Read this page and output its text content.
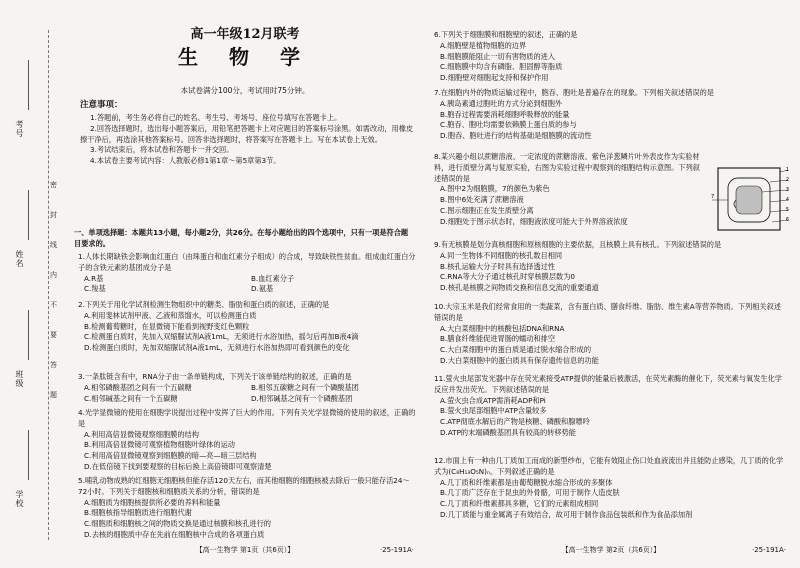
考号
姓名
班级
学校
密
封
线
内
不
要
答
题
高一年级12月联考
生 物 学
本试卷满分100分，考试用时75分钟。
注意事项：

1.答题前，考生务必将自己的姓名、考生号、考场号、座位号填写在答题卡上。

2.回答选择题时，选出每小题答案后，用铅笔把答题卡上对应题目的答案标号涂黑。如需改动，用橡皮擦干净后，再选涂其他答案标号。回答非选择题时，将答案写在答题卡上。写在本试卷上无效。

3.考试结束后，将本试卷和答题卡一并交回。

4.本试卷主要考试内容：人教版必修1第1章～第5章第3节。

一、单项选择题：本题共13小题，每小题2分，共26分。在每小题给出的四个选项中，只有一项是符合题目要求的。

1.人体长期缺铁会影响血红蛋白（由珠蛋白和血红素分子组成）的合成，导致缺铁性贫血。组成血红蛋白分子的含铁元素的基团成分子是

A.R基	B.血红素分子
C.羧基	D.氨基

2.下列关于用化学试剂检测生物组织中的糖类、脂肪和蛋白质的叙述，正确的是

A.利用斐林试剂甲液、乙液和蒸馏水，可以检测蛋白质

B.检测葡萄糖时，在显微镜下能看到视野变红色颗粒

C.检测蛋白质时，先加入双缩脲试剂A液1mL，无须进行水浴加热，摇匀后再加B液4滴

D.检测蛋白质时，先加双缩脲试剂A液1mL，无须进行水浴加热即可看到颜色的变化

3.一条肽链含有中，RNA分子由一条单链构成，下列关于该单链结构的叙述，正确的是

A.相邻磷酸基团之间有一个五碳糖	B.相邻五碳糖之间有一个磷酸基团
C.相邻碱基之间有一个五碳糖	D.相邻碱基之间有一个磷酸基团

4.光学显微镜的使用在细胞学说提出过程中发挥了巨大的作用。下列有关光学显微镜的使用的叙述，正确的是

A.利用高倍显微镜观察细胞膜的结构

B.利用高倍显微镜可观察植物细胞叶绿体的运动

C.利用高倍显微镜观察到细胞膜的暗—亮—暗三层结构

D.在低倍镜下找到要观察的目标后换上高倍镜即可观察清楚

5.哺乳动物成熟的红细胞无细胞核但能存活120天左右，而其他细胞的细胞核被去除后一般只能存活24～72小时。下列关于细胞核和细胞质关系的分析，错误的是

A.细胞质为细胞核提供所必要的养料和能量

B.细胞核指导细胞质进行细胞代谢

C.细胞质和细胞核之间的物质交换是通过核膜和核孔进行的

D.去核的细胞质中存在先前在细胞核中合成的各项蛋白质

【高一生物学 第1页（共6页）】	·25-191A·

6.下列关于细胞膜和细胞壁的叙述，正确的是

A.细胞壁是植物细胞的边界

B.细胞膜能阻止一切有害物质的进入

C.细胞膜中均含有磷脂、胆固醇等脂质

D.细胞壁对细胞起支持和保护作用

7.在细胞内外的物质运输过程中，胞吞、胞吐是普遍存在的现象。下列相关叙述错误的是

A.胰岛素通过胞吐的方式分泌到细胞外

B.胞吞过程需要消耗细胞呼吸释放的能量

C.胞吞、胞吐均需要依赖膜上蛋白质的参与

D.胞吞、胞吐进行的结构基础是细胞膜的流动性

8.某兴趣小组以蔗糖溶液、一定浓度的蔗糖溶液、紫色洋葱鳞片叶外表皮作为实验材料，进行质壁分离与复原实验，右图为实验过程中观察到的细胞结构示意图。下列叙述错误的是

A.图中2为细胞膜，7的颜色为紫色

B.图中6处充满了蔗糖溶液

C.图示细胞正在发生质壁分离

D.细胞处于图示状态时，细胞液浓度可能大于外界溶液浓度

1
2
3
4
5
6
7

9.有无核膜是划分真核细胞和原核细胞的主要依据，且核膜上具有核孔。下列叙述错误的是

A.同一生物体不同细胞的核孔数目相同

B.核孔运输大分子时具有选择透过性

C.RNA等大分子通过核孔时穿核膜层数为0

D.核孔是核膜之间物质交换和信息交流的重要通道

10.大宗玉米是我们经常食用的一类蔬菜，含有蛋白质、膳食纤维、脂肪、维生素A等营养物质。下列相关叙述错误的是

A.大白菜细胞中的核酸包括DNA和RNA

B.膳食纤维能促进胃肠的蠕动和排空

C.大白菜细胞中的蛋白质是通过脱水缩合形成的

D.大白菜细胞中的蛋白质具有保存遗传信息的功能

11.萤火虫尾部发光器中存在荧光素接受ATP提供的能量后被激活，在荧光素酶的催化下，荧光素与氧发生化学反应并发出荧光。下列叙述错误的是

A.萤火虫合成ATP需消耗ADP和Pi

B.萤火虫尾部细胞中ATP含量较多

C.ATP彻底水解后的产物是核糖、磷酸和腺嘌呤

D.ATP的末端磷酸基团具有较高的转移势能

12.市面上有一种由几丁质加工而成的新型纱布，它能有效阻止伤口处血液流出并且能防止感染，几丁质的化学式为(C₈H₁₃O₅N)ₙ。下列叙述正确的是

A.几丁质和纤维素都是由葡萄糖脱水缩合形成的多聚体

B.几丁质广泛存在于昆虫的外骨骼，可用于制作人造皮肤

C.几丁质和纤维素都具多糖，它们的元素组成相同

D.几丁质能与重金属离子有效结合，故可用于制作食品包装纸和作为食品添加剂

【高一生物学 第2页（共6页）】	·25-191A·
